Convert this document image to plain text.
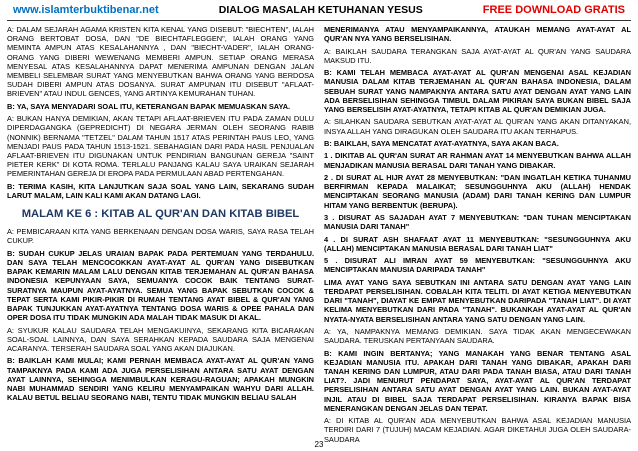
www.islamterbuktibenar.net	DIALOG MASALAH KETUHANAN YESUS	FREE DOWNLOAD GRATIS

A: DALAM SEJARAH AGAMA KRISTEN KITA KENAL YANG DISEBUT: "BIECHTEN", IALAH ORANG BERTOBAT DOSA, DAN "DE BIECHTAFLЕGGEN", IALAH ORANG YANG MEMINTA AMPUN ATAS KESALAHANNYA , DAN "BIECHT-VADER", IALAH ORANG-ORANG YANG DIBERI WEWENANG MEMBERI AMPUN. SETIAP ORANG MERASA MENYESAL ATAS KESALAHANNYA DAPAT MENERIMA AMPUNAN DENGAN JALAN MEMBELI SELEMBAR SURAT YANG MENYEBUTKAN BAHWA ORANG YANG BERDOSA SUDAH DIBERI AMPUN ATAS DOSANYA. SURAT AMPUNAN ITU DISEBUT "AFLAAT-BRIEVEN" ATAU INDUL GENCES, YANG ARTINYA KEMURAHAN TUHAN.

B: YA, SAYA MENYADARI SOAL ITU, KETERANGAN BAPAK MEMUASKAN SAYA.

A: BUKAN HANYA DEMIKIAN, AKAN TETAPI AFLAAT-BRIEVEN ITU PADA ZAMAN DULU DIPERDAGANGKA (GEPREDICHT) DI NEGARA JERMAN OLEH SEORANG RABIB (NONNIK) BERNAMA "TETZEL" DALAM TAHUN 1517 ATAS PERINTAH PAUS LEO, YANG MENJADI PAUS PADA TAHUN 1513-1521. SEBAHAGIAN DARI PADA HASIL PENJUALAN AFLAAT-BRIEVEN ITU DIGUNAKAN UNTUK PENDIRIAN BANGUNAN GEREJA "SAINT PIETER KERK" DI KOTA ROMA. TERLALU PANJANG KALAU SAYA URAIKAN SEJARAH PEMERINTAHAN GEREJA DI EROPA PADA PERMULAAN ABAD PERTENGAHAN.

B: TERIMA KASIH, KITA LANJUTKAN SAJA SOAL YANG LAIN, SEKARANG SUDAH LARUT MALAM, LAIN KALI KAMI AKAN DATANG LAGI.

MALAM KE 6 : KITAB AL QUR'AN DAN KITAB BIBEL

A: PEMBICARAAN KITA YANG BERKENAAN DENGAN DOSA WARIS, SAYA RASA TELAH CUKUP.

B: SUDAH CUKUP JELAS URAIAN BAPAK PADA PERTEMUAN YANG TERDAHULU. DAN SAYA TELAH MENCOCOKKAN AYAT-AYAT AL QUR'AN YANG DISEBUTKAN BAPAK KEMARIN MALAM LALU DENGAN KITAB TERJEMAHAN AL QUR'AN BAHASA INDONESIA KEPUNYAAN SAYA, SEMUANYA COCOK BAIK TENTANG SURAT-SURATNYA MAUPUN AYAT-AYATNYA. SEMUA YANG BAPAK SEBUTKAN COCOK & TEPAT SERTA KAMI PIKIR-PIKIR DI RUMAH TENTANG AYAT BIBEL & QUR'AN YANG BAPAK TUNJUKKAN AYAT-AYATNYA TENTANG DOSA WARIS & OPEE PAHALA DAN OPER DOSA ITU TIDAK MUNGKIN ADA MALAH TIDAK MASUK DI AKAL.

A: SYUKUR KALAU SAUDARA TELAH MENGAKUINYA, SEKARANG KITA BICARAKAN SOAL-SOAL LAINNYA, DAN SAYA SERAHKAN KEPADA SAUDARA SAJA MENGENAI ACARANYA. TERSERAH SAUDARA SOAL YANG AKAN DIAJUKAN.

B: BAIKLAH KAMI MULAI; KAMI PERNAH MEMBACA AYAT-AYAT AL QUR'AN YANG TAMPAKNYA PADA KAMI ADA JUGA PERSELISIHAN ANTARA SATU AYAT DENGAN AYAT LAINNYA, SEHINGGA MENIMBULKAN KERAGU-RAGUAN; APAKAH MUNGKIN NABI MUHAMMAD SENDIRI YANG KELIRU MENYAMPAIKAN WAHYU DARI ALLAH. KALAU BETUL BELIAU SEORANG NABI, TENTU TIDAK MUNGKIN BELIAU SALAH

MENERIMANYA ATAU MENYAMPAIKANNYA, ATAUKAH MEMANG AYAT-AYAT AL QUR'AN NYA YANG BERSELISIHAN.

A: BAIKLAH SAUDARA TERANGKAN SAJA AYAT-AYAT AL QUR'AN YANG SAUDARA MAKSUD ITU.

B: KAMI TELAH MEMBACA AYAT-AYAT AL QUR'AN MENGENAI ASAL KEJADIAN MANUSIA DALAM KITAB TERJEMAHAN AL QUR'AN BAHASA INDONESIA, DALAM SEBUAH SURAT YANG NAMPAKNYA ANTARA SATU AYAT DENGAN AYAT YANG LAIN ADA BERSELISIHAN SEHINGGA TIMBUL DALAM PIKIRAN SAYA BUKAN BIBEL SAJA YANG BERSELISIH AYAT-AYATNYA, TETAPI KITAB AL QUR'AN DEMIKIAN JUGA.

A: SILAHKAN SAUDARA SEBUTKAN AYAT-AYAT AL QUR'AN YANG AKAN DITANYAKAN, INSYA ALLAH YANG DIRAGUKAN OLEH SAUDARA ITU AKAN TERHAPUS.

B: BAIKLAH, SAYA MENCATAT AYAT-AYATNYA, SAYA AKAN BACA.

1 . DIKITAB AL QUR'AN SURAT AR RAHMAN AYAT 14 MENYEBUTKAN BAHWA ALLAH MENJADIKAN MANUSIA BERASAL DARI TANAH YANG DIBAKAR.

2 . DI SURAT AL HIJR AYAT 28 MENYEBUTKAN: "DAN INGATLAH KETIKA TUHANMU BERFIRMAN KEPADA MALAIKAT; SESUNGGUHNYA AKU (ALLAH) HENDAK MENCIPTAKAN SEORANG MANUSIA (ADAM) DARI TANAH KERING DAN LUMPUR HITAM YANG BERBENTUK (BERUPA).

3 . DISURAT AS SAJADAH AYAT 7 MENYEBUTKAN: "DAN TUHAN MENCIPTAKAN MANUSIA DARI TANAH"

4 . DI SURAT ASH SHAFAAT AYAT 11 MENYEBUTKAN: "SESUNGGUHNYA AKU (ALLAH) MENCIPTAKAN MANUSIA BERASAL DARI TANAH LIAT"

5 . DISURAT ALI IMRAN AYAT 59 MENYEBUTKAN: "SESUNGGUHNYA AKU MENCIPTAKAN MANUSIA DARIPADA TANAH"

LIMA AYAT YANG SAYA SEBUTKAN INI ANTARA SATU DENGAN AYAT YANG LAIN TERDAPAT PERSELISIHAN. COBALAH KITA TELITI. DI AYAT KETIGA MENYEBUTKAN DARI "TANAH", DIAYAT KE EMPAT MENYEBUTKAN DARIPADA "TANAH LIAT". DI AYAT KELIMA MENYEBUTKAN DARI PADA "TANAH". BUKANKAH AYAT-AYAT AL QUR'AN NYATA-NYATA BERSELISIHAN ANTARA YANG SATU DENGAN YANG LAIN.

A: YA, NAMPAKNYA MEMANG DEMIKIAN. SAYA TIDAK AKAN MENGECEWAKAN SAUDARA. TERUSKAN PERTANYAAN SAUDARA.

B: KAMI INGIN BERTANYA; YANG MANAKAH YANG BENAR TENTANG ASAL KEJADIAN MANUSIA ITU. APAKAH DARI TANAH YANG DIBAKAR, APAKAH DARI TANAH KERING DAN LUMPUR, ATAU DARI PADA TANAH BIASA, ATAU DARI TANAH LIAT?. JADI MENURUT PENDAPAT SAYA, AYAT-AYAT AL QUR'AN TERDAPAT PERSELISIHAN ANTARA SATU AYAT DENGAN AYAT YANG LAIN. BUKAN AYAT-AYAT INJIL ATAU DI BIBEL SAJA TERDAPAT PERSELISIHAN. KIRANYA BAPAK BISA MENERANGKAN DENGAN JELAS DAN TEPAT.

A: DI KITAB AL QUR'AN ADA MENYEBUTKAN BAHWA ASAL KEJADIAN MANUSIA TERDIRI DARI 7 (TUJUH) MACAM KEJADIAN. AGAR DIKETAHUI JUGA OLEH SAUDARA-SAUDARA

23
